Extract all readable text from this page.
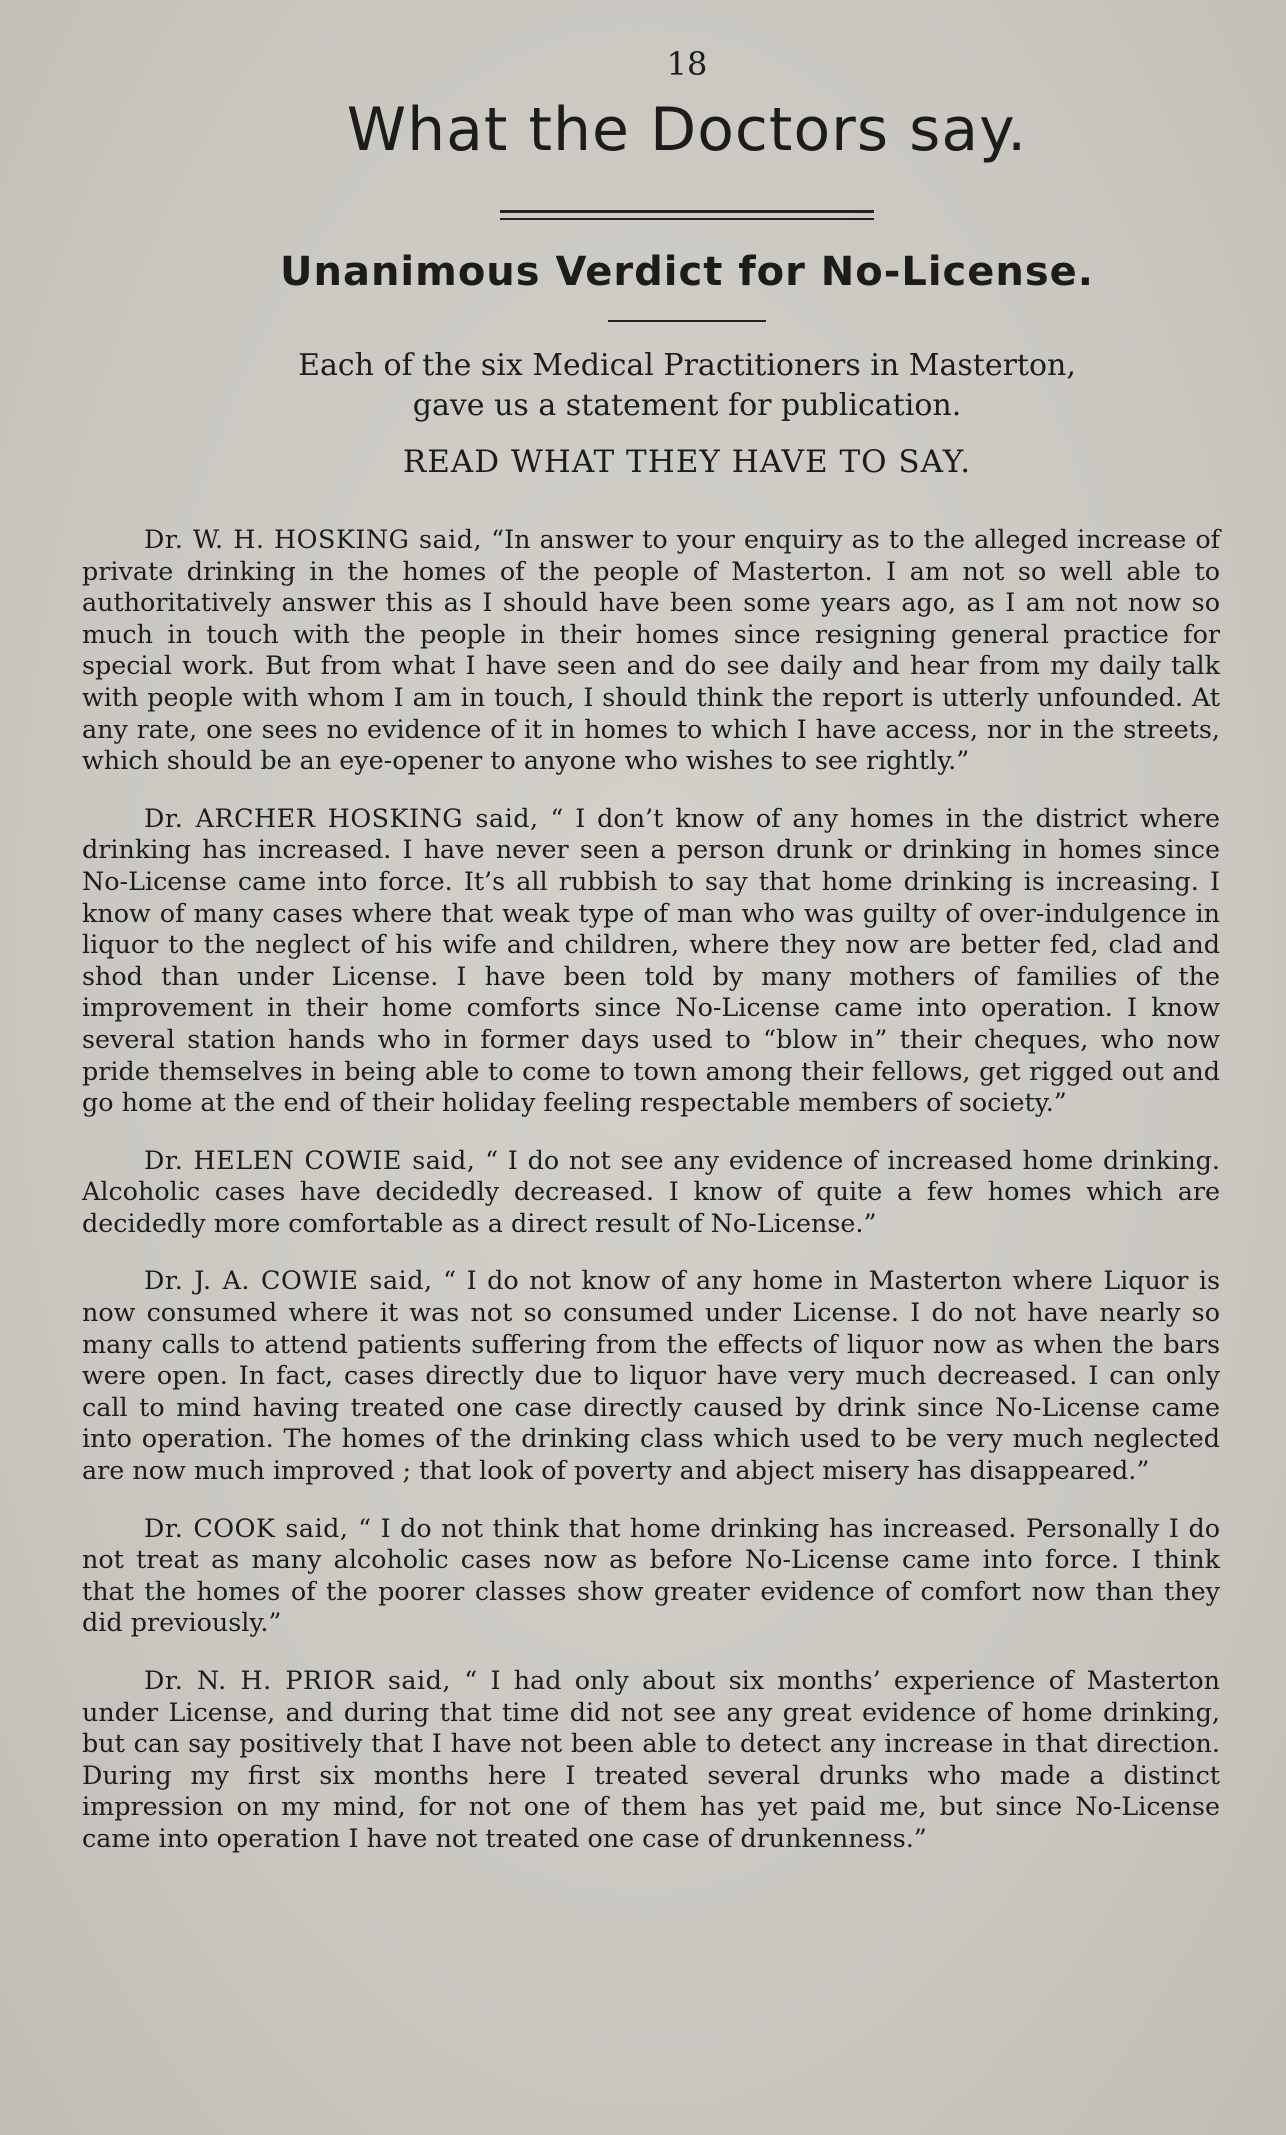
18
What the Doctors say.
Unanimous Verdict for No-License.
Each of the six Medical Practitioners in Masterton,
gave us a statement for publication.
READ WHAT THEY HAVE TO SAY.

Dr. W. H. HOSKING said, “In answer to your enquiry as to the alleged increase of private drinking in the homes of the people of Masterton. I am not so well able to authoritatively answer this as I should have been some years ago, as I am not now so much in touch with the people in their homes since resigning general practice for special work. But from what I have seen and do see daily and hear from my daily talk with people with whom I am in touch, I should think the report is utterly unfounded. At any rate, one sees no evidence of it in homes to which I have access, nor in the streets, which should be an eye-opener to anyone who wishes to see rightly.”

Dr. ARCHER HOSKING said, “ I don’t know of any homes in the district where drinking has increased. I have never seen a person drunk or drinking in homes since No-License came into force. It’s all rubbish to say that home drinking is increasing. I know of many cases where that weak type of man who was guilty of over-indulgence in liquor to the neglect of his wife and children, where they now are better fed, clad and shod than under License. I have been told by many mothers of families of the improvement in their home comforts since No-License came into operation. I know several station hands who in former days used to “blow in” their cheques, who now pride themselves in being able to come to town among their fellows, get rigged out and go home at the end of their holiday feeling respectable members of society.”

Dr. HELEN COWIE said, “ I do not see any evidence of increased home drinking. Alcoholic cases have decidedly decreased. I know of quite a few homes which are decidedly more comfortable as a direct result of No-License.”

Dr. J. A. COWIE said, “ I do not know of any home in Masterton where Liquor is now consumed where it was not so consumed under License. I do not have nearly so many calls to attend patients suffering from the effects of liquor now as when the bars were open. In fact, cases directly due to liquor have very much decreased. I can only call to mind having treated one case directly caused by drink since No-License came into operation. The homes of the drinking class which used to be very much neglected are now much improved ; that look of poverty and abject misery has disappeared.”

Dr. COOK said, “ I do not think that home drinking has increased. Personally I do not treat as many alcoholic cases now as before No-License came into force. I think that the homes of the poorer classes show greater evidence of comfort now than they did previously.”

Dr. N. H. PRIOR said, “ I had only about six months’ experience of Masterton under License, and during that time did not see any great evidence of home drinking, but can say positively that I have not been able to detect any increase in that direction. During my first six months here I treated several drunks who made a distinct impression on my mind, for not one of them has yet paid me, but since No-License came into operation I have not treated one case of drunkenness.”
